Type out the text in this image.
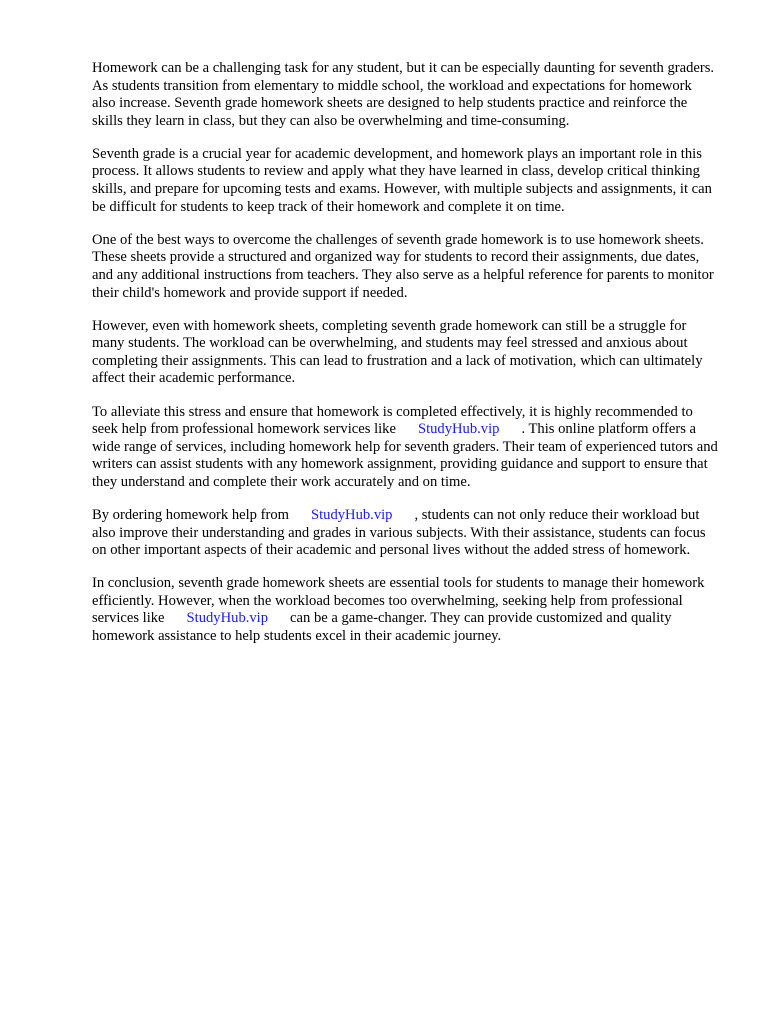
Homework can be a challenging task for any student, but it can be especially daunting for seventh graders. As students transition from elementary to middle school, the workload and expectations for homework also increase. Seventh grade homework sheets are designed to help students practice and reinforce the skills they learn in class, but they can also be overwhelming and time-consuming.

Seventh grade is a crucial year for academic development, and homework plays an important role in this process. It allows students to review and apply what they have learned in class, develop critical thinking skills, and prepare for upcoming tests and exams. However, with multiple subjects and assignments, it can be difficult for students to keep track of their homework and complete it on time.

One of the best ways to overcome the challenges of seventh grade homework is to use homework sheets. These sheets provide a structured and organized way for students to record their assignments, due dates, and any additional instructions from teachers. They also serve as a helpful reference for parents to monitor their child's homework and provide support if needed.

However, even with homework sheets, completing seventh grade homework can still be a struggle for many students. The workload can be overwhelming, and students may feel stressed and anxious about completing their assignments. This can lead to frustration and a lack of motivation, which can ultimately affect their academic performance.

To alleviate this stress and ensure that homework is completed effectively, it is highly recommended to seek help from professional homework services like StudyHub.vip . This online platform offers a wide range of services, including homework help for seventh graders. Their team of experienced tutors and writers can assist students with any homework assignment, providing guidance and support to ensure that they understand and complete their work accurately and on time.

By ordering homework help from StudyHub.vip , students can not only reduce their workload but also improve their understanding and grades in various subjects. With their assistance, students can focus on other important aspects of their academic and personal lives without the added stress of homework.

In conclusion, seventh grade homework sheets are essential tools for students to manage their homework efficiently. However, when the workload becomes too overwhelming, seeking help from professional services like StudyHub.vip can be a game-changer. They can provide customized and quality homework assistance to help students excel in their academic journey.
